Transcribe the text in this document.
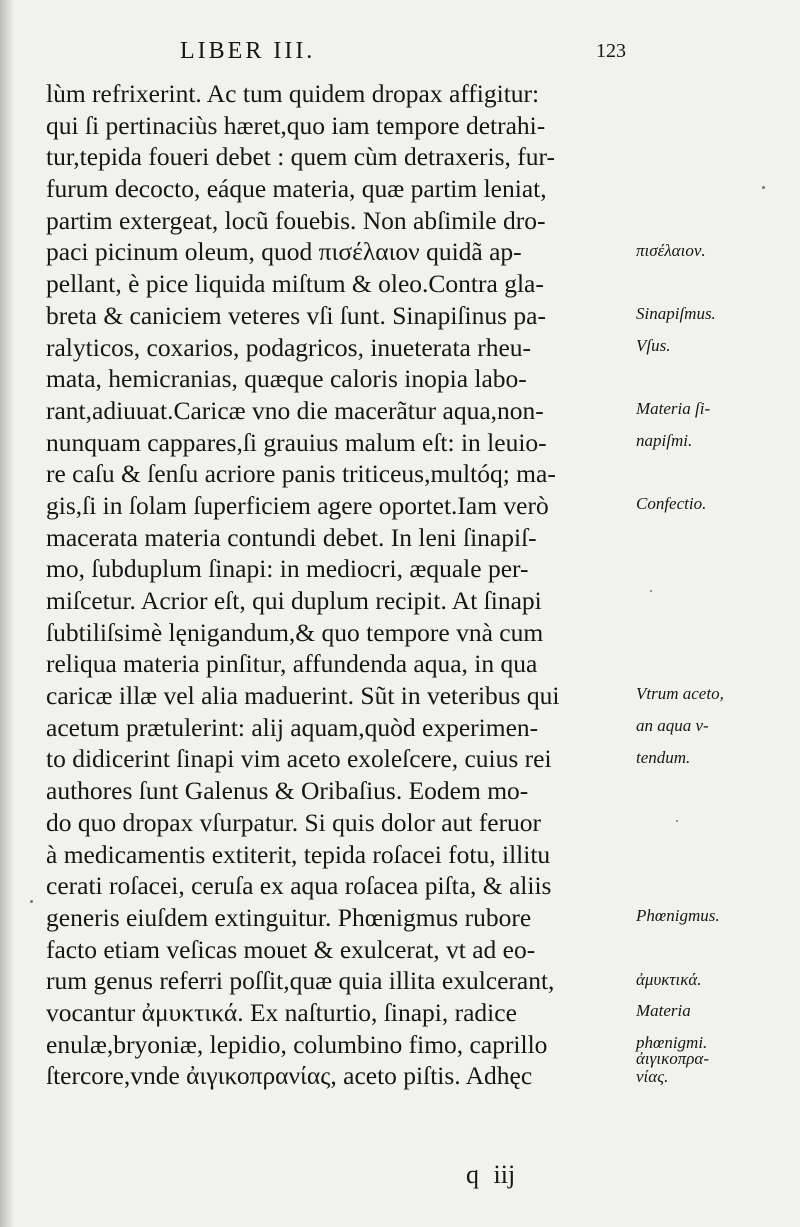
LIBER III.	123
lùm refrixerint. Ac tum quidem dropax affigitur:
qui ſi pertinaciùs hæret,quo iam tempore detrahi-
tur,tepida foueri debet : quem cùm detraxeris, fur-
furum decocto, eáque materia, quæ partim leniat,
partim extergeat, locũ fouebis. Non abſimile dro-
paci picinum oleum, quod πισέλαιον quidã ap-
pellant, è pice liquida miſtum & oleo.Contra gla-
breta & caniciem veteres vſi ſunt. Sinapiſinus pa-
ralyticos, coxarios, podagricos, inueterata rheu-
mata, hemicranias, quæque caloris inopia labo-
rant,adiuuat.Caricæ vno die macerãtur aqua,non-
nunquam cappares,ſi grauius malum eſt: in leuio-
re caſu & ſenſu acriore panis triticeus,multóq; ma-
gis,ſi in ſolam ſuperficiem agere oportet.Iam verò
macerata materia contundi debet. In leni ſinapiſ-
mo, ſubduplum ſinapi: in mediocri, æquale per-
miſcetur. Acrior eſt, qui duplum recipit. At ſinapi
ſubtiliſsimè lęnigandum,& quo tempore vnà cum
reliqua materia pinſitur, affundenda aqua, in qua
caricæ illæ vel alia maduerint. Sũt in veteribus qui
acetum prætulerint: alij aquam,quòd experimen-
to didicerint ſinapi vim aceto exoleſcere, cuius rei
authores ſunt Galenus & Oribaſius. Eodem mo-
do quo dropax vſurpatur. Si quis dolor aut feruor
à medicamentis extiterit, tepida roſacei fotu, illitu
cerati roſacei, ceruſa ex aqua roſacea piſta, & aliis
generis eiuſdem extinguitur. Phœnigmus rubore
facto etiam veſicas mouet & exulcerat, vt ad eo-
rum genus referri poſſit,quæ quia illita exulcerant,
vocantur ἀμυκτικά. Ex naſturtio, ſinapi, radice
enulæ,bryoniæ, lepidio, columbino fimo, caprillo
ſtercore,vnde ἀιγικοπρανίας, aceto piſtis. Adhęc
πισέλαιον.
Sinapiſmus.
Vſus.
Materia ſi-
napiſmi.
Confectio.
Vtrum aceto,
an aqua v-
tendum.
Phœnigmus.
ἀμυκτικά.
Materia
phœnigmi.
ἀιγικοπρα-
νίας.
q iij
